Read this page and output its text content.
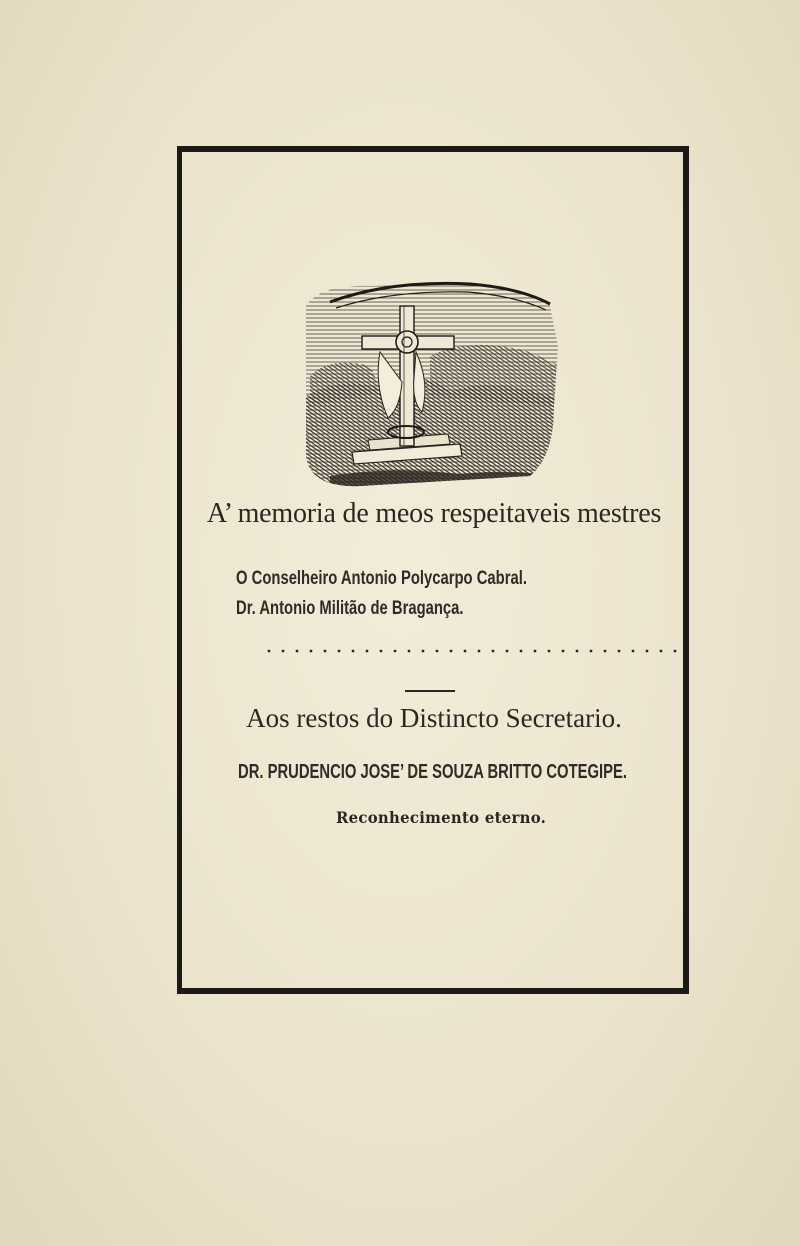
A’ memoria de meos respeitaveis mestres
O Conselheiro Antonio Polycarpo Cabral.
Dr. Antonio Militão de Bragança.
Aos restos do Distincto Secretario.
DR. PRUDENCIO JOSE’ DE SOUZA BRITTO COTEGIPE.
Reconhecimento eterno.
